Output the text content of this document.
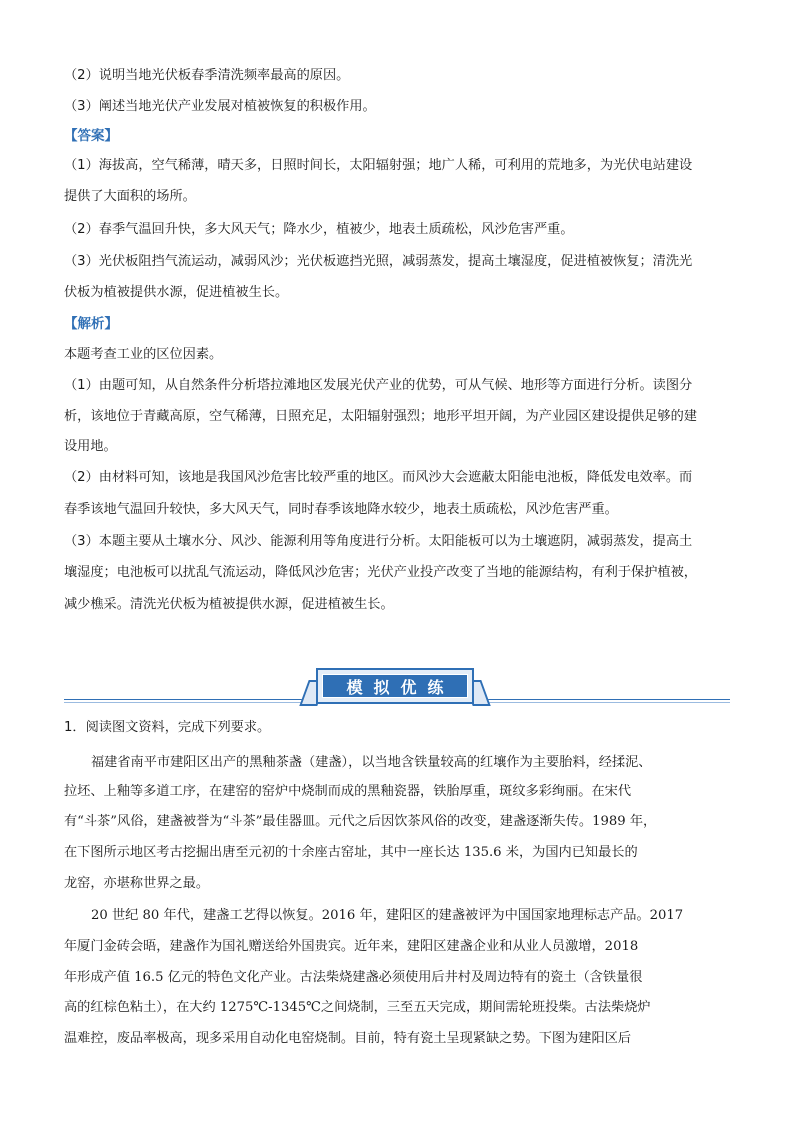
（2）说明当地光伏板春季清洗频率最高的原因。
（3）阐述当地光伏产业发展对植被恢复的积极作用。
【答案】
（1）海拔高，空气稀薄，晴天多，日照时间长，太阳辐射强；地广人稀，可利用的荒地多，为光伏电站建设
提供了大面积的场所。
（2）春季气温回升快，多大风天气；降水少，植被少，地表土质疏松，风沙危害严重。
（3）光伏板阻挡气流运动，减弱风沙；光伏板遮挡光照，减弱蒸发，提高土壤湿度，促进植被恢复；清洗光
伏板为植被提供水源，促进植被生长。
【解析】
本题考查工业的区位因素。
（1）由题可知，从自然条件分析塔拉滩地区发展光伏产业的优势，可从气候、地形等方面进行分析。读图分
析，该地位于青藏高原，空气稀薄，日照充足，太阳辐射强烈；地形平坦开阔，为产业园区建设提供足够的建
设用地。
（2）由材料可知，该地是我国风沙危害比较严重的地区。而风沙大会遮蔽太阳能电池板，降低发电效率。而
春季该地气温回升较快，多大风天气，同时春季该地降水较少，地表土质疏松，风沙危害严重。
（3）本题主要从土壤水分、风沙、能源利用等角度进行分析。太阳能板可以为土壤遮阴，减弱蒸发，提高土
壤湿度；电池板可以扰乱气流运动，降低风沙危害；光伏产业投产改变了当地的能源结构，有利于保护植被，
减少樵采。清洗光伏板为植被提供水源，促进植被生长。
模拟优练
1．阅读图文资料，完成下列要求。
福建省南平市建阳区出产的黑釉茶盏（建盏），以当地含铁量较高的红壤作为主要胎料，经揉泥、
拉坯、上釉等多道工序，在建窑的窑炉中烧制而成的黑釉瓷器，铁胎厚重，斑纹多彩绚丽。在宋代
有“斗茶”风俗，建盏被誉为“斗茶”最佳器皿。元代之后因饮茶风俗的改变，建盏逐渐失传。1989 年，
在下图所示地区考古挖掘出唐至元初的十余座古窑址，其中一座长达 135.6 米，为国内已知最长的
龙窑，亦堪称世界之最。
20 世纪 80 年代，建盏工艺得以恢复。2016 年，建阳区的建盏被评为中国国家地理标志产品。2017
年厦门金砖会晤，建盏作为国礼赠送给外国贵宾。近年来，建阳区建盏企业和从业人员激增，2018
年形成产值 16.5 亿元的特色文化产业。古法柴烧建盏必须使用后井村及周边特有的瓷土（含铁量很
高的红棕色粘土），在大约 1275℃-1345℃之间烧制，三至五天完成，期间需轮班投柴。古法柴烧炉
温难控，废品率极高，现多采用自动化电窑烧制。目前，特有瓷土呈现紧缺之势。下图为建阳区后
